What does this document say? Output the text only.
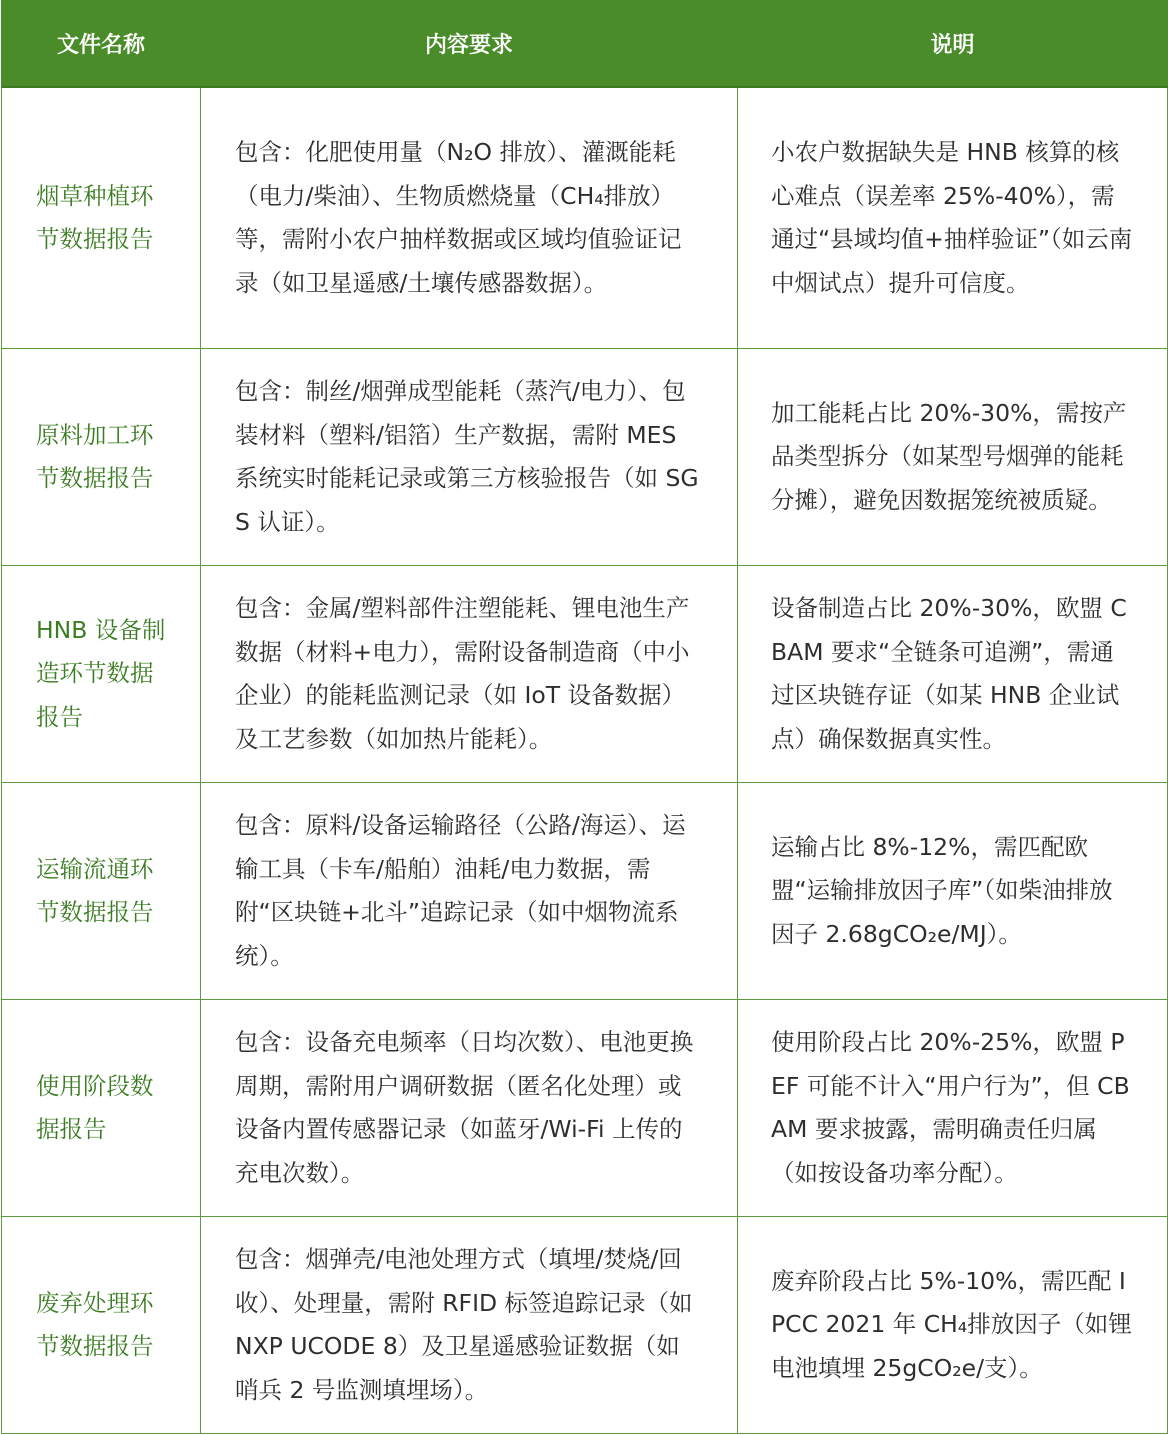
文件名称	内容要求	说明
烟草种植环节数据报告	包含：化肥使用量（N₂O 排放）、灌溉能耗（电力/柴油）、生物质燃烧量（CH₄排放）等，需附小农户抽样数据或区域均值验证记录（如卫星遥感/土壤传感器数据）。	小农户数据缺失是 HNB 核算的核心难点（误差率 25%-40%），需通过“县域均值+抽样验证”（如云南中烟试点）提升可信度。
原料加工环节数据报告	包含：制丝/烟弹成型能耗（蒸汽/电力）、包装材料（塑料/铝箔）生产数据，需附 MES 系统实时能耗记录或第三方核验报告（如 SGS 认证）。	加工能耗占比 20%-30%，需按产品类型拆分（如某型号烟弹的能耗分摊），避免因数据笼统被质疑。
HNB 设备制造环节数据报告	包含：金属/塑料部件注塑能耗、锂电池生产数据（材料+电力），需附设备制造商（中小企业）的能耗监测记录（如 IoT 设备数据）及工艺参数（如加热片能耗）。	设备制造占比 20%-30%，欧盟 CBAM 要求“全链条可追溯”，需通过区块链存证（如某 HNB 企业试点）确保数据真实性。
运输流通环节数据报告	包含：原料/设备运输路径（公路/海运）、运输工具（卡车/船舶）油耗/电力数据，需附“区块链+北斗”追踪记录（如中烟物流系统）。	运输占比 8%-12%，需匹配欧盟“运输排放因子库”（如柴油排放因子 2.68gCO₂e/MJ）。
使用阶段数据报告	包含：设备充电频率（日均次数）、电池更换周期，需附用户调研数据（匿名化处理）或设备内置传感器记录（如蓝牙/Wi-Fi 上传的充电次数）。	使用阶段占比 20%-25%，欧盟 PEF 可能不计入“用户行为”，但 CBAM 要求披露，需明确责任归属（如按设备功率分配）。
废弃处理环节数据报告	包含：烟弹壳/电池处理方式（填埋/焚烧/回收）、处理量，需附 RFID 标签追踪记录（如 NXP UCODE 8）及卫星遥感验证数据（如哨兵 2 号监测填埋场）。	废弃阶段占比 5%-10%，需匹配 IPCC 2021 年 CH₄排放因子（如锂电池填埋 25gCO₂e/支）。
